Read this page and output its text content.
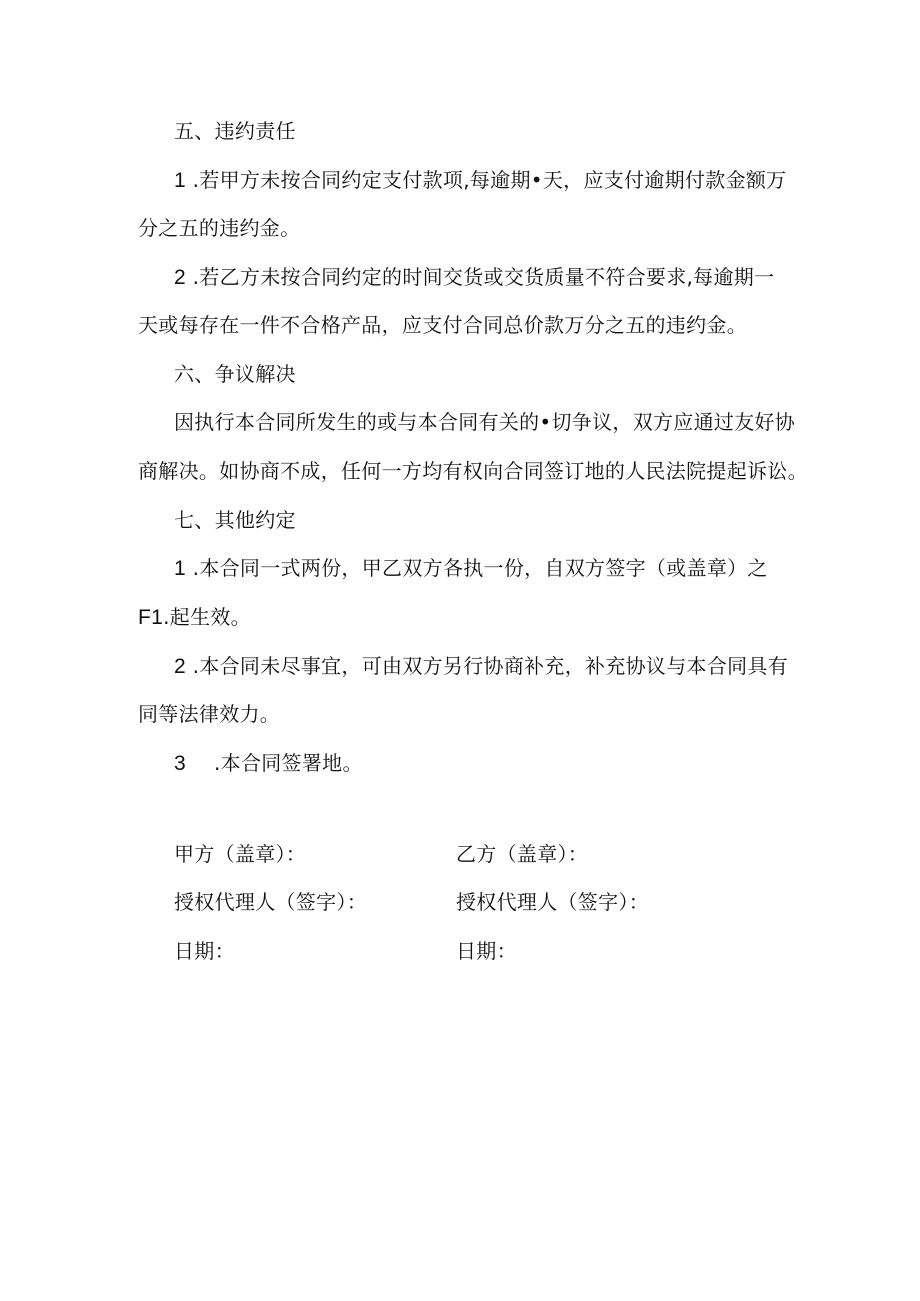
五、违约责任
1 .若甲方未按合同约定支付款项,每逾期•天，应支付逾期付款金额万
分之五的违约金。
2 .若乙方未按合同约定的时间交货或交货质量不符合要求,每逾期一
天或每存在一件不合格产品，应支付合同总价款万分之五的违约金。
六、争议解决
因执行本合同所发生的或与本合同有关的•切争议，双方应通过友好协
商解决。如协商不成，任何一方均有权向合同签订地的人民法院提起诉讼。
七、其他约定
1 .本合同一式两份，甲乙双方各执一份，自双方签字（或盖章）之
F1.起生效。
2 .本合同未尽事宜，可由双方另行协商补充，补充协议与本合同具有
同等法律效力。
3 .本合同签署地。
甲方（盖章）：	乙方（盖章）：
授权代理人（签字）：	授权代理人（签字）：
日期：	日期：
